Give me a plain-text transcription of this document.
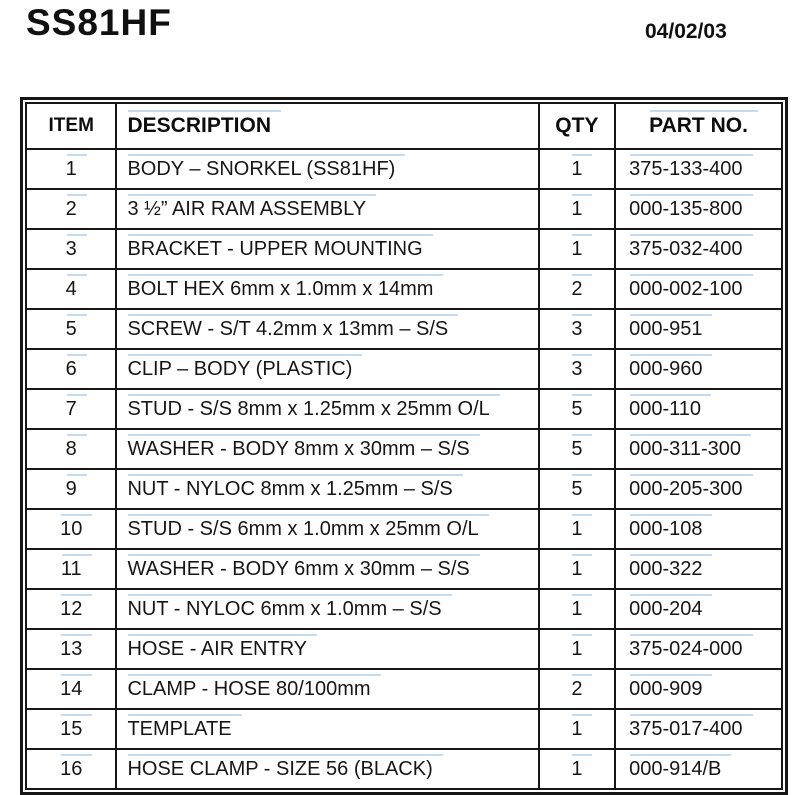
SS81HF	04/02/03
ITEM	DESCRIPTION	QTY	PART NO.
1	BODY – SNORKEL (SS81HF)	1	375-133-400
2	3 ½” AIR RAM ASSEMBLY	1	000-135-800
3	BRACKET - UPPER MOUNTING	1	375-032-400
4	BOLT HEX 6mm x 1.0mm x 14mm	2	000-002-100
5	SCREW - S/T 4.2mm x 13mm – S/S	3	000-951
6	CLIP – BODY (PLASTIC)	3	000-960
7	STUD - S/S 8mm x 1.25mm x 25mm O/L	5	000-110
8	WASHER - BODY 8mm x 30mm – S/S	5	000-311-300
9	NUT - NYLOC 8mm x 1.25mm – S/S	5	000-205-300
10	STUD - S/S 6mm x 1.0mm x 25mm O/L	1	000-108
11	WASHER - BODY 6mm x 30mm – S/S	1	000-322
12	NUT - NYLOC 6mm x 1.0mm – S/S	1	000-204
13	HOSE - AIR ENTRY	1	375-024-000
14	CLAMP - HOSE 80/100mm	2	000-909
15	TEMPLATE	1	375-017-400
16	HOSE CLAMP - SIZE 56 (BLACK)	1	000-914/B
